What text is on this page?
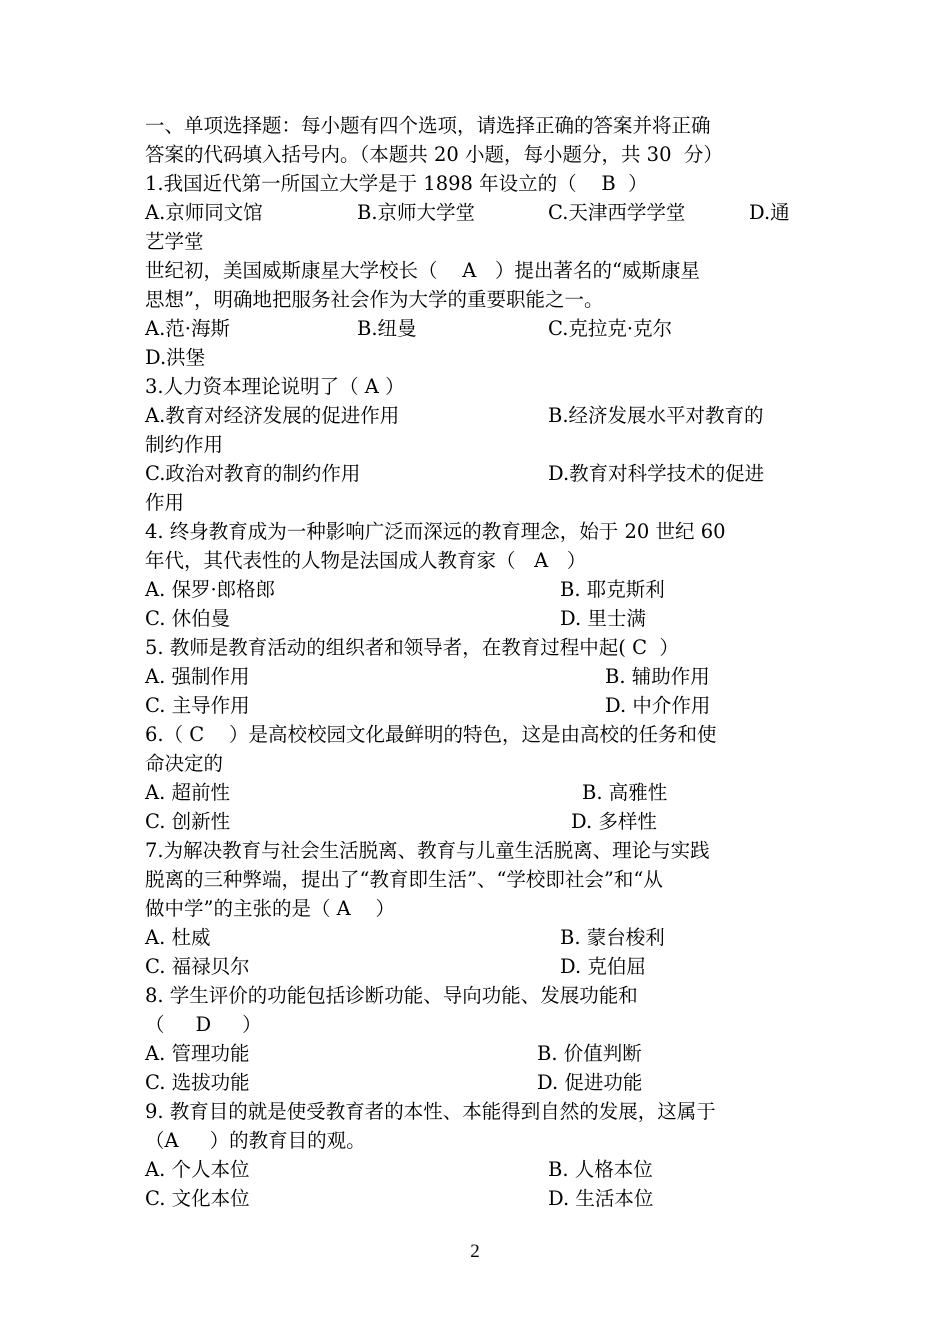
一、单项选择题：每小题有四个选项，请选择正确的答案并将正确
答案的代码填入括号内。（本题共 20 小题，每小题分，共 30  分）
1.我国近代第一所国立大学是于 1898 年设立的（    B  ）

A.京师同文馆

	B.京师大学堂

	C.天津西学学堂

	D.通

艺学堂
世纪初，美国威斯康星大学校长（    A   ）提出著名的“威斯康星
思想”，明确地把服务社会作为大学的重要职能之一。

A.范·海斯

	B.纽曼

	C.克拉克·克尔

D.洪堡
3.人力资本理论说明了（ A ）

A.教育对经济发展的促进作用

	B.经济发展水平对教育的

制约作用

C.政治对教育的制约作用

	D.教育对科学技术的促进

作用
4. 终身教育成为一种影响广泛而深远的教育理念，始于 20 世纪 60
年代，其代表性的人物是法国成人教育家（   A   ）

A. 保罗·郎格郎

	B. 耶克斯利

C. 休伯曼

	D. 里士满

5. 教师是教育活动的组织者和领导者，在教育过程中起( C  ）

A. 强制作用

	B. 辅助作用

C. 主导作用

	D. 中介作用

6.（ C    ）是高校校园文化最鲜明的特色，这是由高校的任务和使
命决定的

A. 超前性

	B. 高雅性

C. 创新性

	D. 多样性

7.为解决教育与社会生活脱离、教育与儿童生活脱离、理论与实践
脱离的三种弊端，提出了“教育即生活”、“学校即社会”和“从
做中学”的主张的是（ A    ）

A. 杜威

	B. 蒙台梭利

C. 福禄贝尔

	D. 克伯屈

8. 学生评价的功能包括诊断功能、导向功能、发展功能和
（     D     ）

A. 管理功能

	B. 价值判断

C. 选拔功能

	D. 促进功能

9. 教育目的就是使受教育者的本性、本能得到自然的发展，这属于
（A     ）的教育目的观。

A. 个人本位

	B. 人格本位

C. 文化本位

	D. 生活本位

2
